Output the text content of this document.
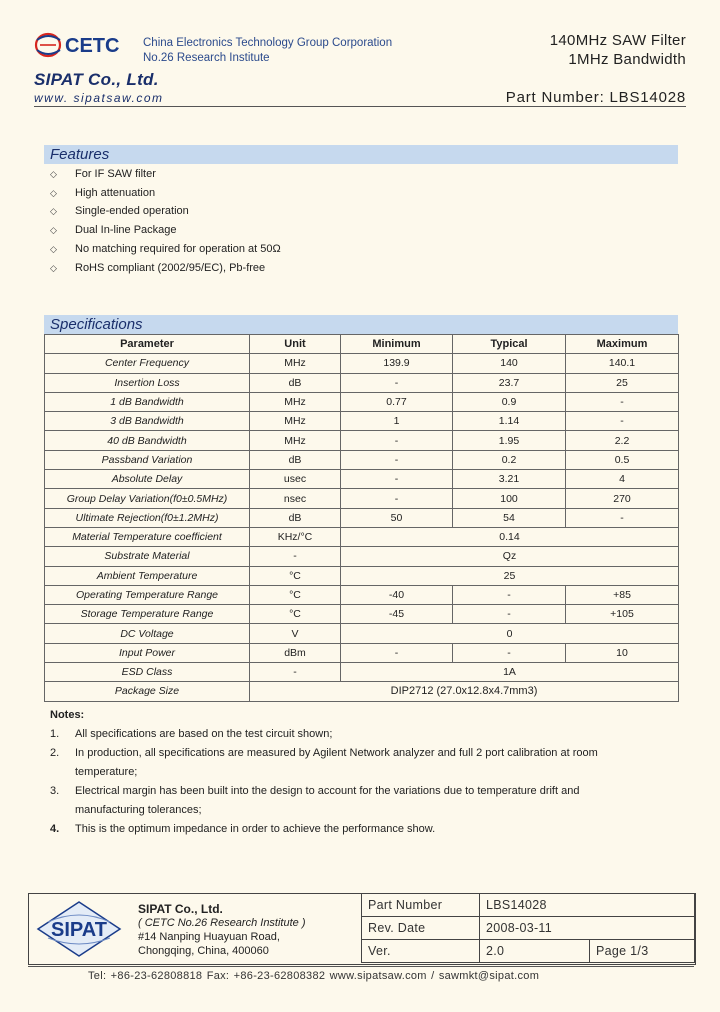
CETC China Electronics Technology Group Corporation
No.26 Research Institute
140MHz SAW Filter
1MHz Bandwidth
SIPAT Co., Ltd.
www. sipatsaw.com	Part Number: LBS14028
Features
◇ For IF SAW filter
◇ High attenuation
◇ Single-ended operation
◇ Dual In-line Package
◇ No matching required for operation at 50Ω
◇ RoHS compliant (2002/95/EC), Pb-free
Specifications
Parameter	Unit	Minimum	Typical	Maximum
Center Frequency	MHz	139.9	140	140.1
Insertion Loss	dB	-	23.7	25
1 dB Bandwidth	MHz	0.77	0.9	-
3 dB Bandwidth	MHz	1	1.14	-
40 dB Bandwidth	MHz	-	1.95	2.2
Passband Variation	dB	-	0.2	0.5
Absolute Delay	usec	-	3.21	4
Group Delay Variation(f0±0.5MHz)	nsec	-	100	270
Ultimate Rejection(f0±1.2MHz)	dB	50	54	-
Material Temperature coefficient	KHz/°C	0.14		
Substrate Material	-	Qz		
Ambient Temperature	°C	25		
Operating Temperature Range	°C	-40	-	+85
Storage Temperature Range	°C	-45	-	+105
DC Voltage	V	0		
Input Power	dBm	-	-	10
ESD Class	-	1A		
Package Size	DIP2712 (27.0x12.8x4.7mm3)			
Notes:
1. All specifications are based on the test circuit shown;
2. In production, all specifications are measured by Agilent Network analyzer and full 2 port calibration at room temperature;
3. Electrical margin has been built into the design to account for the variations due to temperature drift and manufacturing tolerances;
4. This is the optimum impedance in order to achieve the performance show.
SIPAT
SIPAT Co., Ltd.
( CETC No.26 Research Institute )
#14 Nanping Huayuan Road,
Chongqing, China, 400060
Part Number	LBS14028	
Rev. Date	2008-03-11	
Ver.	2.0	Page 1/3
Tel: +86-23-62808818 Fax: +86-23-62808382 www.sipatsaw.com / sawmkt@sipat.com
